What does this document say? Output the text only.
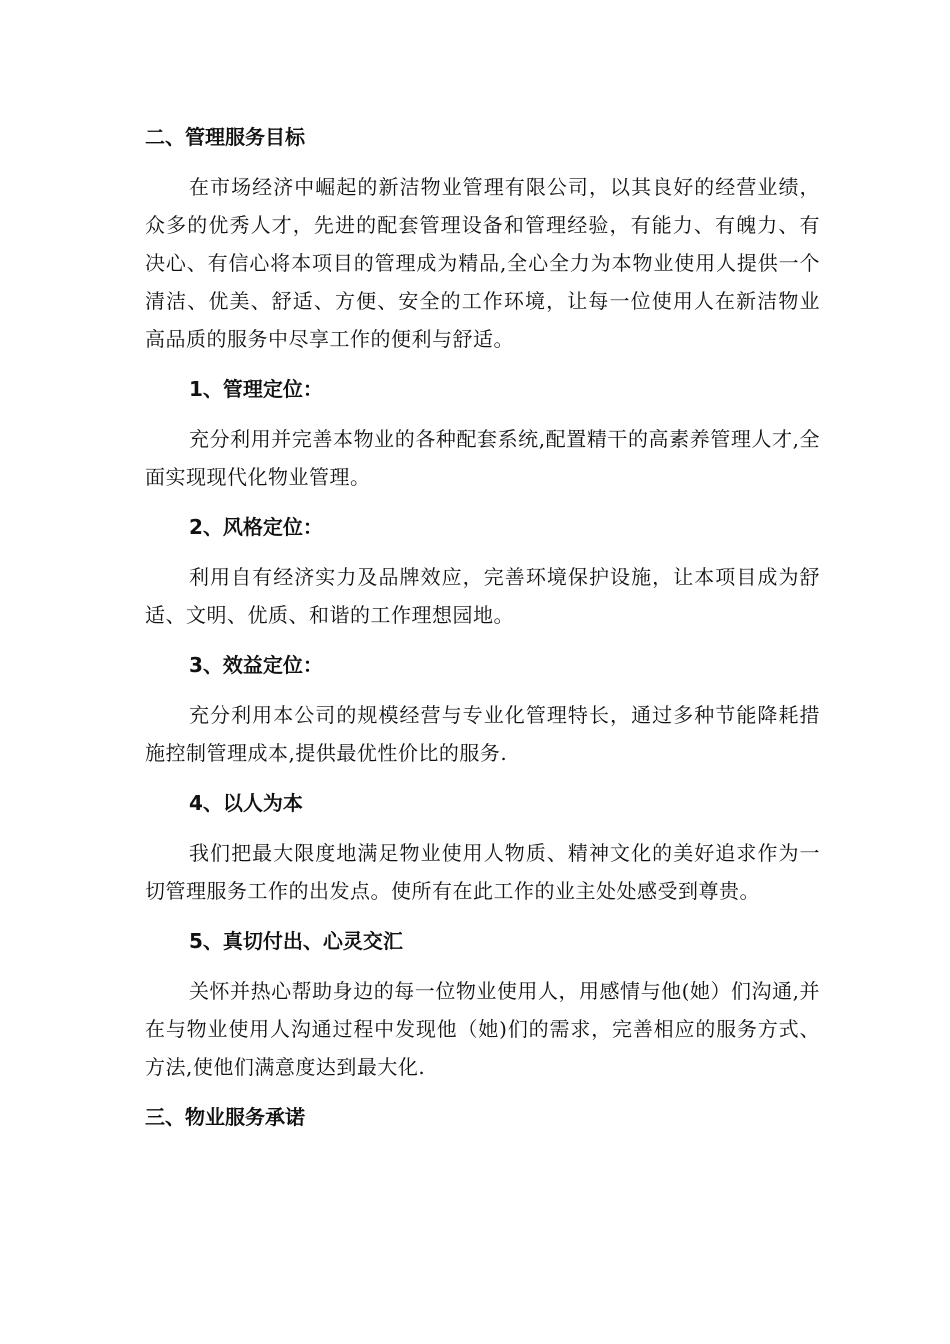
二、管理服务目标

在市场经济中崛起的新洁物业管理有限公司，以其良好的经营业绩，众多的优秀人才，先进的配套管理设备和管理经验，有能力、有魄力、有决心、有信心将本项目的管理成为精品,全心全力为本物业使用人提供一个清洁、优美、舒适、方便、安全的工作环境，让每一位使用人在新洁物业高品质的服务中尽享工作的便利与舒适。

1、管理定位：

充分利用并完善本物业的各种配套系统,配置精干的高素养管理人才,全面实现现代化物业管理。

2、风格定位：

利用自有经济实力及品牌效应，完善环境保护设施，让本项目成为舒适、文明、优质、和谐的工作理想园地。

3、效益定位：

充分利用本公司的规模经营与专业化管理特长，通过多种节能降耗措施控制管理成本,提供最优性价比的服务.

4、以人为本

我们把最大限度地满足物业使用人物质、精神文化的美好追求作为一切管理服务工作的出发点。使所有在此工作的业主处处感受到尊贵。

5、真切付出、心灵交汇

关怀并热心帮助身边的每一位物业使用人，用感情与他(她）们沟通,并在与物业使用人沟通过程中发现他（她)们的需求，完善相应的服务方式、方法,使他们满意度达到最大化.

三、物业服务承诺
